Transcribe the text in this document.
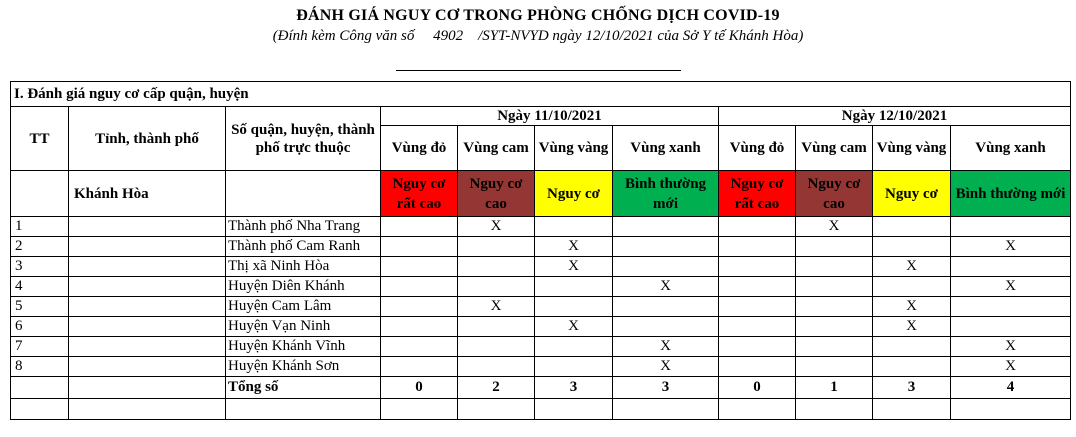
ĐÁNH GIÁ NGUY CƠ TRONG PHÒNG CHỐNG DỊCH COVID-19
(Đính kèm Công văn số     4902    /SYT-NVYD ngày 12/10/2021 của Sở Y tế Khánh Hòa)
I. Đánh giá nguy cơ cấp quận, huyện										
TT	Tỉnh, thành phố	Số quận, huyện, thành phố trực thuộc	Ngày 11/10/2021				Ngày 12/10/2021			
			Vùng đỏ	Vùng cam	Vùng vàng	Vùng xanh	Vùng đỏ	Vùng cam	Vùng vàng	Vùng xanh
	Khánh Hòa		Nguy cơ rất cao	Nguy cơ cao	Nguy cơ	Bình thường mới	Nguy cơ rất cao	Nguy cơ cao	Nguy cơ	Bình thường mới
1		Thành phố Nha Trang		X				X		
2		Thành phố Cam Ranh			X					X
3		Thị xã Ninh Hòa			X				X	
4		Huyện Diên Khánh				X				X
5		Huyện Cam Lâm		X					X	
6		Huyện Vạn Ninh			X				X	
7		Huyện Khánh Vĩnh				X				X
8		Huyện Khánh Sơn				X				X
		Tổng số	0	2	3	3	0	1	3	4
